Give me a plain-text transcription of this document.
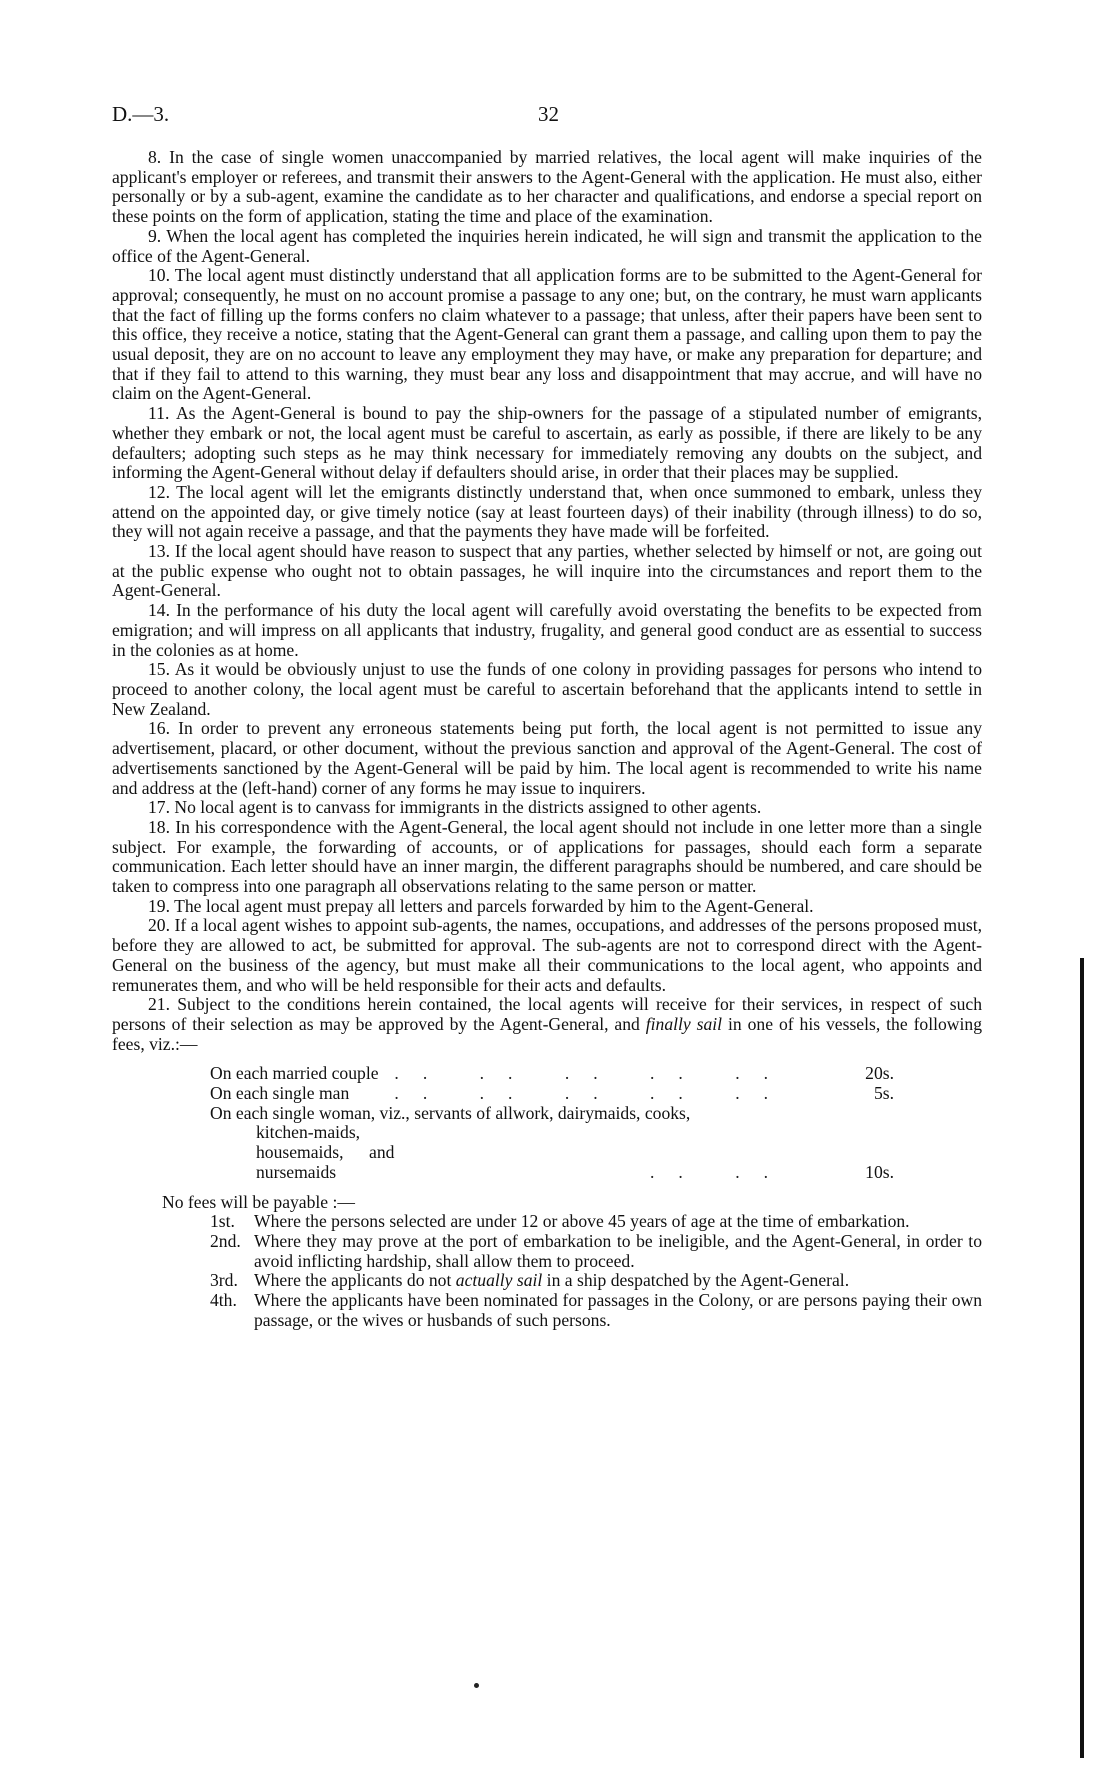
D.—3.	32

8. In the case of single women unaccompanied by married relatives, the local agent will make inquiries of the applicant's employer or referees, and transmit their answers to the Agent-General with the application. He must also, either personally or by a sub-agent, examine the candidate as to her character and qualifications, and endorse a special report on these points on the form of application, stating the time and place of the examination.

9. When the local agent has completed the inquiries herein indicated, he will sign and transmit the application to the office of the Agent-General.

10. The local agent must distinctly understand that all application forms are to be submitted to the Agent-General for approval; consequently, he must on no account promise a passage to any one; but, on the contrary, he must warn applicants that the fact of filling up the forms confers no claim whatever to a passage; that unless, after their papers have been sent to this office, they receive a notice, stating that the Agent-General can grant them a passage, and calling upon them to pay the usual deposit, they are on no account to leave any employment they may have, or make any preparation for departure; and that if they fail to attend to this warning, they must bear any loss and disappointment that may accrue, and will have no claim on the Agent-General.

11. As the Agent-General is bound to pay the ship-owners for the passage of a stipulated number of emigrants, whether they embark or not, the local agent must be careful to ascertain, as early as possible, if there are likely to be any defaulters; adopting such steps as he may think necessary for immediately removing any doubts on the subject, and informing the Agent-General without delay if defaulters should arise, in order that their places may be supplied.

12. The local agent will let the emigrants distinctly understand that, when once summoned to embark, unless they attend on the appointed day, or give timely notice (say at least fourteen days) of their inability (through illness) to do so, they will not again receive a passage, and that the payments they have made will be forfeited.

13. If the local agent should have reason to suspect that any parties, whether selected by himself or not, are going out at the public expense who ought not to obtain passages, he will inquire into the circumstances and report them to the Agent-General.

14. In the performance of his duty the local agent will carefully avoid overstating the benefits to be expected from emigration; and will impress on all applicants that industry, frugality, and general good conduct are as essential to success in the colonies as at home.

15. As it would be obviously unjust to use the funds of one colony in providing passages for persons who intend to proceed to another colony, the local agent must be careful to ascertain beforehand that the applicants intend to settle in New Zealand.

16. In order to prevent any erroneous statements being put forth, the local agent is not permitted to issue any advertisement, placard, or other document, without the previous sanction and approval of the Agent-General. The cost of advertisements sanctioned by the Agent-General will be paid by him. The local agent is recommended to write his name and address at the (left-hand) corner of any forms he may issue to inquirers.

17. No local agent is to canvass for immigrants in the districts assigned to other agents.

18. In his correspondence with the Agent-General, the local agent should not include in one letter more than a single subject. For example, the forwarding of accounts, or of applications for passages, should each form a separate communication. Each letter should have an inner margin, the different paragraphs should be numbered, and care should be taken to compress into one paragraph all observations relating to the same person or matter.

19. The local agent must prepay all letters and parcels forwarded by him to the Agent-General.

20. If a local agent wishes to appoint sub-agents, the names, occupations, and addresses of the persons proposed must, before they are allowed to act, be submitted for approval. The sub-agents are not to correspond direct with the Agent-General on the business of the agency, but must make all their communications to the local agent, who appoints and remunerates them, and who will be held responsible for their acts and defaults.

21. Subject to the conditions herein contained, the local agents will receive for their services, in respect of such persons of their selection as may be approved by the Agent-General, and finally sail in one of his vessels, the following fees, viz.:—

On each married couple	.. .. .. .. ..	20s.
On each single man	.. .. .. .. ..	5s.
On each single woman, viz., servants of allwork, dairymaids, cooks,		
kitchen-maids, housemaids, and nursemaids	.. ..	10s.
No fees will be payable :—
1st. Where the persons selected are under 12 or above 45 years of age at the time of embarkation.
2nd. Where they may prove at the port of embarkation to be ineligible, and the Agent-General, in order to avoid inflicting hardship, shall allow them to proceed.
3rd. Where the applicants do not actually sail in a ship despatched by the Agent-General.
4th. Where the applicants have been nominated for passages in the Colony, or are persons paying their own passage, or the wives or husbands of such persons.
